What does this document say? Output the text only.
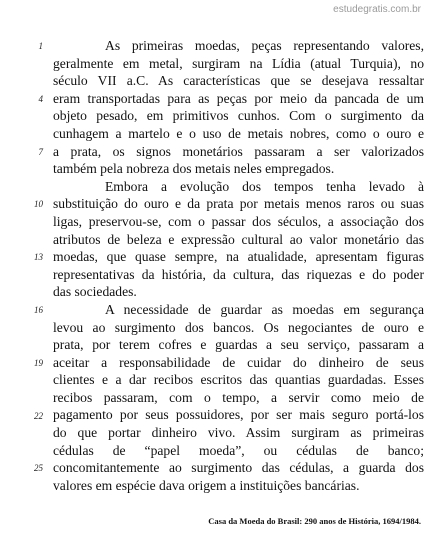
estudegratis.com.br
1
4
7
10
13
16
19
22
25
As primeiras moedas, peças representando valores,
geralmente em metal, surgiram na Lídia (atual Turquia), no
século VII a.C. As características que se desejava ressaltar
eram transportadas para as peças por meio da pancada de um
objeto pesado, em primitivos cunhos. Com o surgimento da
cunhagem a martelo e o uso de metais nobres, como o ouro e
a prata, os signos monetários passaram a ser valorizados
também pela nobreza dos metais neles empregados.
Embora a evolução dos tempos tenha levado à
substituição do ouro e da prata por metais menos raros ou suas
ligas, preservou-se, com o passar dos séculos, a associação dos
atributos de beleza e expressão cultural ao valor monetário das
moedas, que quase sempre, na atualidade, apresentam figuras
representativas da história, da cultura, das riquezas e do poder
das sociedades.
A necessidade de guardar as moedas em segurança
levou ao surgimento dos bancos. Os negociantes de ouro e
prata, por terem cofres e guardas a seu serviço, passaram a
aceitar a responsabilidade de cuidar do dinheiro de seus
clientes e a dar recibos escritos das quantias guardadas. Esses
recibos passaram, com o tempo, a servir como meio de
pagamento por seus possuidores, por ser mais seguro portá-los
do que portar dinheiro vivo. Assim surgiram as primeiras
cédulas de “papel moeda”, ou cédulas de banco;
concomitantemente ao surgimento das cédulas, a guarda dos
valores em espécie dava origem a instituições bancárias.
Casa da Moeda do Brasil: 290 anos de História, 1694/1984.
